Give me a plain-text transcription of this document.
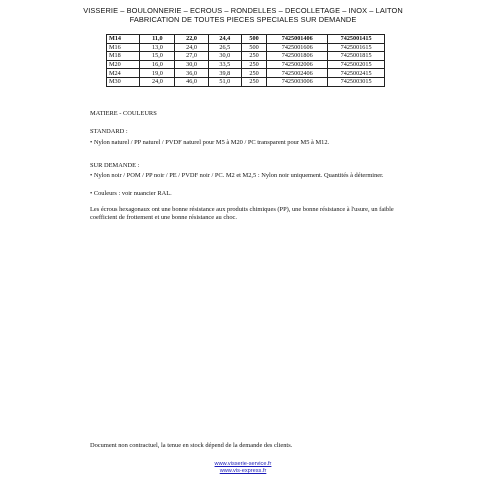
VISSERIE – BOULONNERIE – ECROUS – RONDELLES – DECOLLETAGE – INOX – LAITON
FABRICATION DE TOUTES PIECES SPECIALES SUR DEMANDE
M14	11,0	22,0	24,4	500	7425001406	7425001415
M16	13,0	24,0	26,5	500	7425001606	7425001615
M18	15,0	27,0	30,0	250	7425001806	7425001815
M20	16,0	30,0	33,5	250	7425002006	7425002015
M24	19,0	36,0	39,8	250	7425002406	7425002415
M30	24,0	46,0	51,0	250	7425003006	7425003015
MATIERE - COULEURS
STANDARD :
• Nylon naturel / PP naturel / PVDF naturel pour M5 à M20 / PC transparent pour M5 à M12.
SUR DEMANDE :
• Nylon noir / POM / PP noir / PE / PVDF noir / PC. M2 et M2,5 : Nylon noir uniquement. Quantités à déterminer.
• Couleurs : voir nuancier RAL.
Les écrous hexagonaux ont une bonne résistance aux produits chimiques (PP), une bonne résistance à l'usure, un faible coefficient de frottement et une bonne résistance au choc.
Document non contractuel, la tenue en stock dépend de la demande des clients.
www.visserie-service.fr
www.vis-express.fr
